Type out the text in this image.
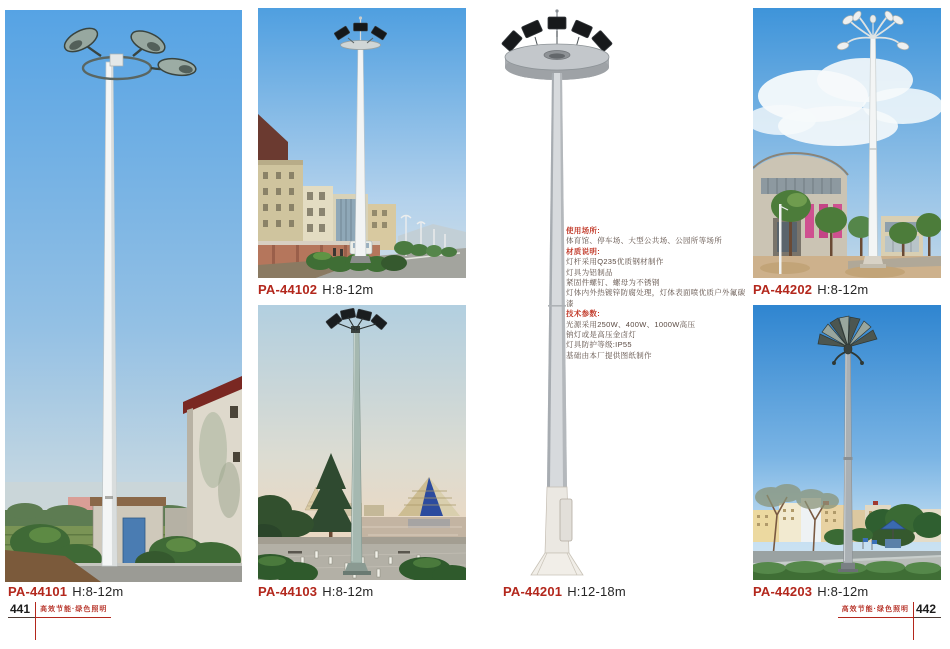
使用场所:
体育馆、停车场、大型公共场、公园所等场所
材质说明:
灯杆采用Q235优质钢材制作
灯具为铝制品
紧固件螺钉、螺母为不锈钢
灯体内外热镀锌防腐处理，灯体表面喷优质户外氟碳漆
技术参数:
光源采用250W、400W、1000W高压
钠灯或是高压金卤灯
灯具防护等级:IP55
基础由本厂提供图纸制作
PA-44101 H:8-12m
PA-44102 H:8-12m
PA-44103 H:8-12m	PA-44201 H:12-18m
PA-44202 H:8-12m
PA-44203 H:8-12m
441	高效节能·绿色照明	高效节能·绿色照明 442
